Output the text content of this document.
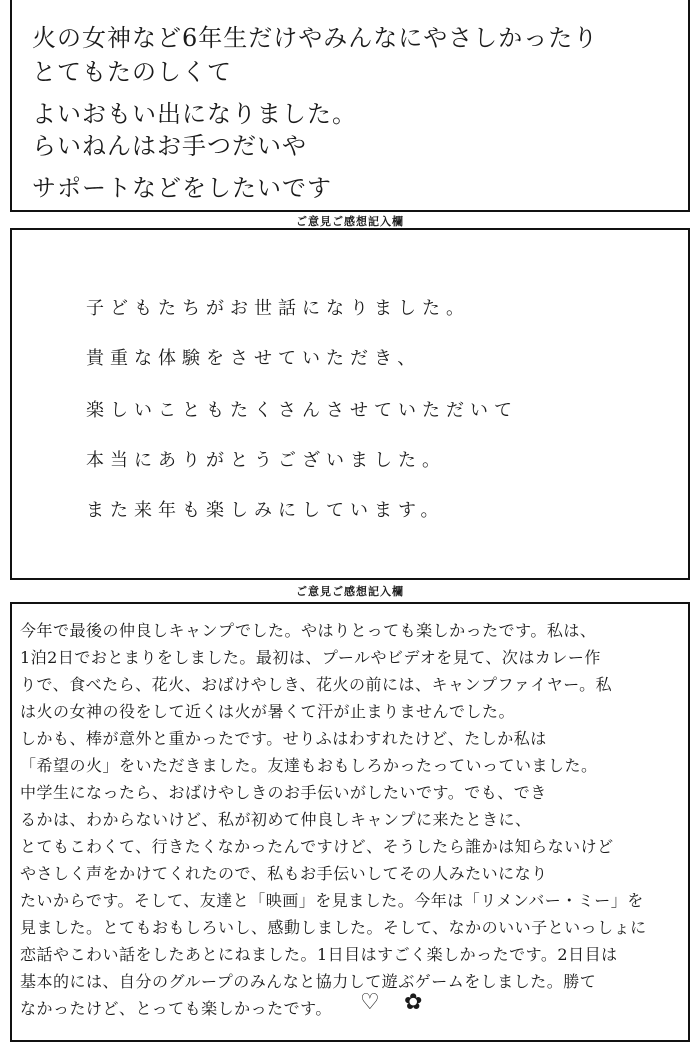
火の女神など6年生だけやみんなにやさしかったり
とてもたのしくて
よいおもい出になりました。
らいねんはお手つだいや
サポートなどをしたいです
ご意見ご感想記入欄
子どもたちがお世話になりました。
貴重な体験をさせていただき、
楽しいこともたくさんさせていただいて
本当にありがとうございました。
また来年も楽しみにしています。
ご意見ご感想記入欄
今年で最後の仲良しキャンプでした。やはりとっても楽しかったです。私は、
1泊2日でおとまりをしました。最初は、プールやビデオを見て、次はカレー作
りで、食べたら、花火、おばけやしき、花火の前には、キャンプファイヤー。私
は火の女神の役をして近くは火が暑くて汗が止まりませんでした。
しかも、棒が意外と重かったです。せりふはわすれたけど、たしか私は
「希望の火」をいただきました。友達もおもしろかったっていっていました。
中学生になったら、おばけやしきのお手伝いがしたいです。でも、でき
るかは、わからないけど、私が初めて仲良しキャンプに来たときに、
とてもこわくて、行きたくなかったんですけど、そうしたら誰かは知らないけど
やさしく声をかけてくれたので、私もお手伝いしてその人みたいになり
たいからです。そして、友達と「映画」を見ました。今年は「リメンバー・ミー」を
見ました。とてもおもしろいし、感動しました。そして、なかのいい子といっしょに
恋話やこわい話をしたあとにねました。1日目はすごく楽しかったです。2日目は
基本的には、自分のグループのみんなと協力して遊ぶゲームをしました。勝て
なかったけど、とっても楽しかったです。 ♡ ✿
